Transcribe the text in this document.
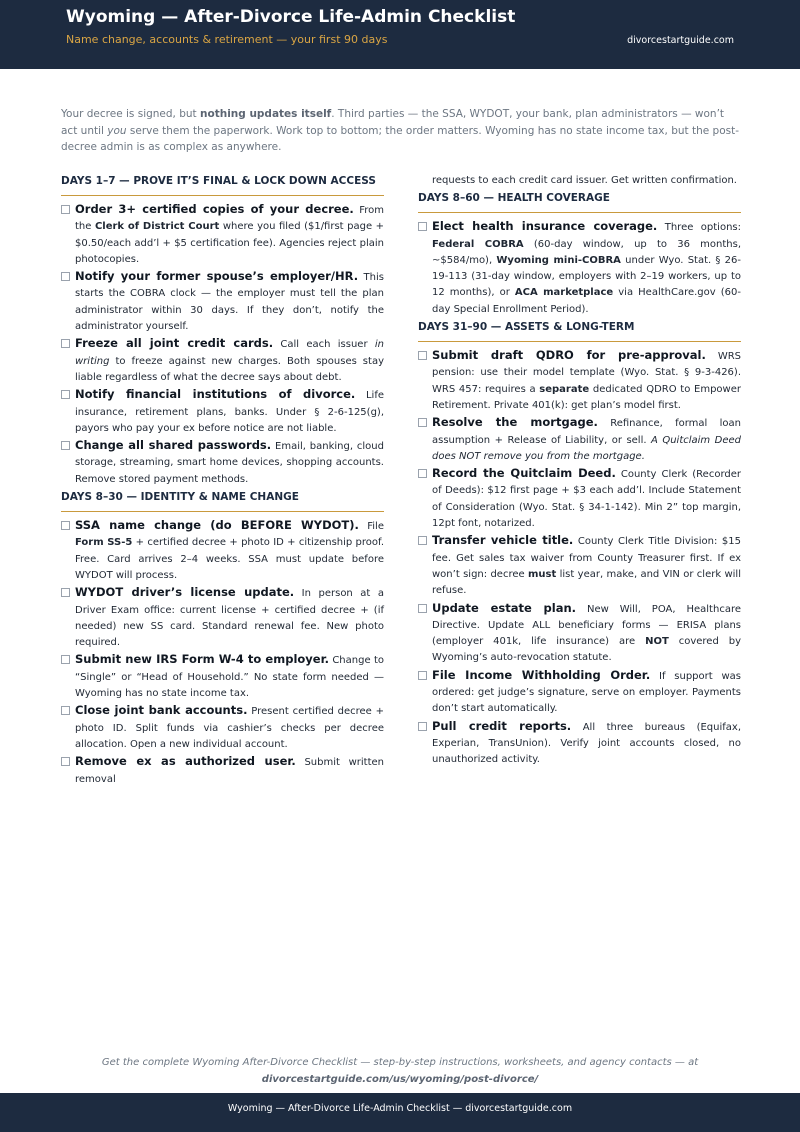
Wyoming — After-Divorce Life-Admin Checklist
Name change, accounts & retirement — your first 90 days	divorcestartguide.com
Your decree is signed, but nothing updates itself. Third parties — the SSA, WYDOT, your bank, plan administrators — won’t act until you serve them the paperwork. Work top to bottom; the order matters. Wyoming has no state income tax, but the post-decree admin is as complex as anywhere.
DAYS 1–7 — PROVE IT’S FINAL & LOCK DOWN ACCESS
Order 3+ certified copies of your decree. From the Clerk of District Court where you filed ($1/first page + $0.50/each add’l + $5 certification fee). Agencies reject plain photocopies.
Notify your former spouse’s employer/HR. This starts the COBRA clock — the employer must tell the plan administrator within 30 days. If they don’t, notify the administrator yourself.
Freeze all joint credit cards. Call each issuer in writing to freeze against new charges. Both spouses stay liable regardless of what the decree says about debt.
Notify financial institutions of divorce. Life insurance, retirement plans, banks. Under § 2-6-125(g), payors who pay your ex before notice are not liable.
Change all shared passwords. Email, banking, cloud storage, streaming, smart home devices, shopping accounts. Remove stored payment methods.
DAYS 8–30 — IDENTITY & NAME CHANGE
SSA name change (do BEFORE WYDOT). File Form SS-5 + certified decree + photo ID + citizenship proof. Free. Card arrives 2–4 weeks. SSA must update before WYDOT will process.
WYDOT driver’s license update. In person at a Driver Exam office: current license + certified decree + (if needed) new SS card. Standard renewal fee. New photo required.
Submit new IRS Form W-4 to employer. Change to “Single” or “Head of Household.” No state form needed — Wyoming has no state income tax.
Close joint bank accounts. Present certified decree + photo ID. Split funds via cashier’s checks per decree allocation. Open a new individual account.
Remove ex as authorized user. Submit written removal
requests to each credit card issuer. Get written confirmation.
DAYS 8–60 — HEALTH COVERAGE
Elect health insurance coverage. Three options: Federal COBRA (60-day window, up to 36 months, ~$584/mo), Wyoming mini-COBRA under Wyo. Stat. § 26-19-113 (31-day window, employers with 2–19 workers, up to 12 months), or ACA marketplace via HealthCare.gov (60-day Special Enrollment Period).
DAYS 31–90 — ASSETS & LONG-TERM
Submit draft QDRO for pre-approval. WRS pension: use their model template (Wyo. Stat. § 9-3-426). WRS 457: requires a separate dedicated QDRO to Empower Retirement. Private 401(k): get plan’s model first.
Resolve the mortgage. Refinance, formal loan assumption + Release of Liability, or sell. A Quitclaim Deed does NOT remove you from the mortgage.
Record the Quitclaim Deed. County Clerk (Recorder of Deeds): $12 first page + $3 each add’l. Include Statement of Consideration (Wyo. Stat. § 34-1-142). Min 2” top margin, 12pt font, notarized.
Transfer vehicle title. County Clerk Title Division: $15 fee. Get sales tax waiver from County Treasurer first. If ex won’t sign: decree must list year, make, and VIN or clerk will refuse.
Update estate plan. New Will, POA, Healthcare Directive. Update ALL beneficiary forms — ERISA plans (employer 401k, life insurance) are NOT covered by Wyoming’s auto-revocation statute.
File Income Withholding Order. If support was ordered: get judge’s signature, serve on employer. Payments don’t start automatically.
Pull credit reports. All three bureaus (Equifax, Experian, TransUnion). Verify joint accounts closed, no unauthorized activity.
Get the complete Wyoming After-Divorce Checklist — step-by-step instructions, worksheets, and agency contacts — at
divorcestartguide.com/us/wyoming/post-divorce/
Wyoming — After-Divorce Life-Admin Checklist — divorcestartguide.com
